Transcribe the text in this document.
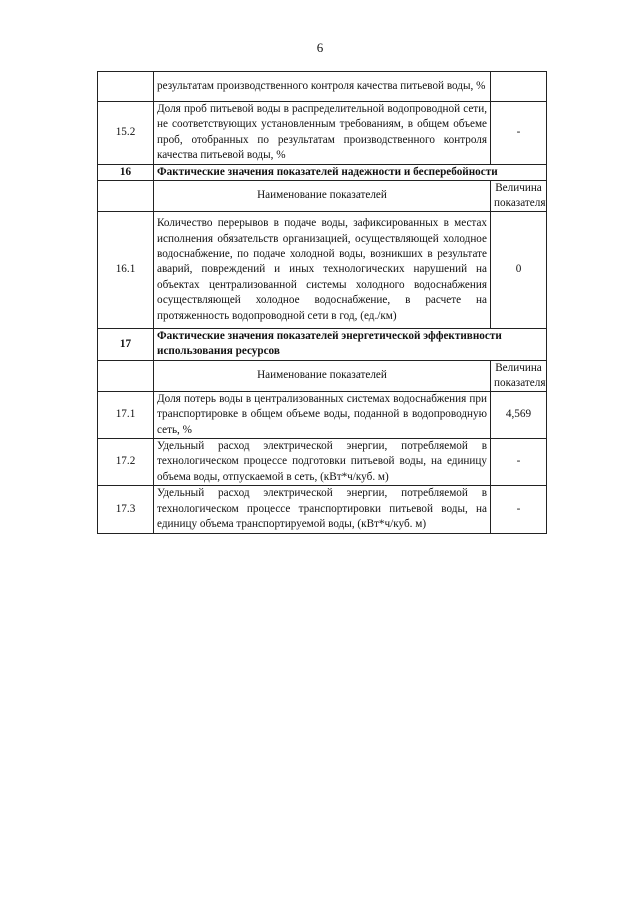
6
	результатам производственного контроля качества питьевой воды, %	
15.2	Доля проб питьевой воды в распределительной водопроводной сети, не соответствующих установленным требованиям, в общем объеме проб, отобранных по результатам производственного контроля качества питьевой воды, %	-
16	Фактические значения показателей надежности и бесперебойности	
	Наименование показателей	Величина показателя
16.1	Количество перерывов в подаче воды, зафиксированных в местах исполнения обязательств организацией, осуществляющей холодное водоснабжение, по подаче холодной воды, возникших в результате аварий, повреждений и иных технологических нарушений на объектах централизованной системы холодного водоснабжения осуществляющей холодное водоснабжение, в расчете на протяженность водопроводной сети в год, (ед./км)	0
17	Фактические значения показателей энергетической эффективности использования ресурсов	
	Наименование показателей	Величина показателя
17.1	Доля потерь воды в централизованных системах водоснабжения при транспортировке в общем объеме воды, поданной в водопроводную сеть, %	4,569
17.2	Удельный расход электрической энергии, потребляемой в технологическом процессе подготовки питьевой воды, на единицу объема воды, отпускаемой в сеть, (кВт*ч/куб. м)	-
17.3	Удельный расход электрической энергии, потребляемой в технологическом процессе транспортировки питьевой воды, на единицу объема транспортируемой воды, (кВт*ч/куб. м)	-
